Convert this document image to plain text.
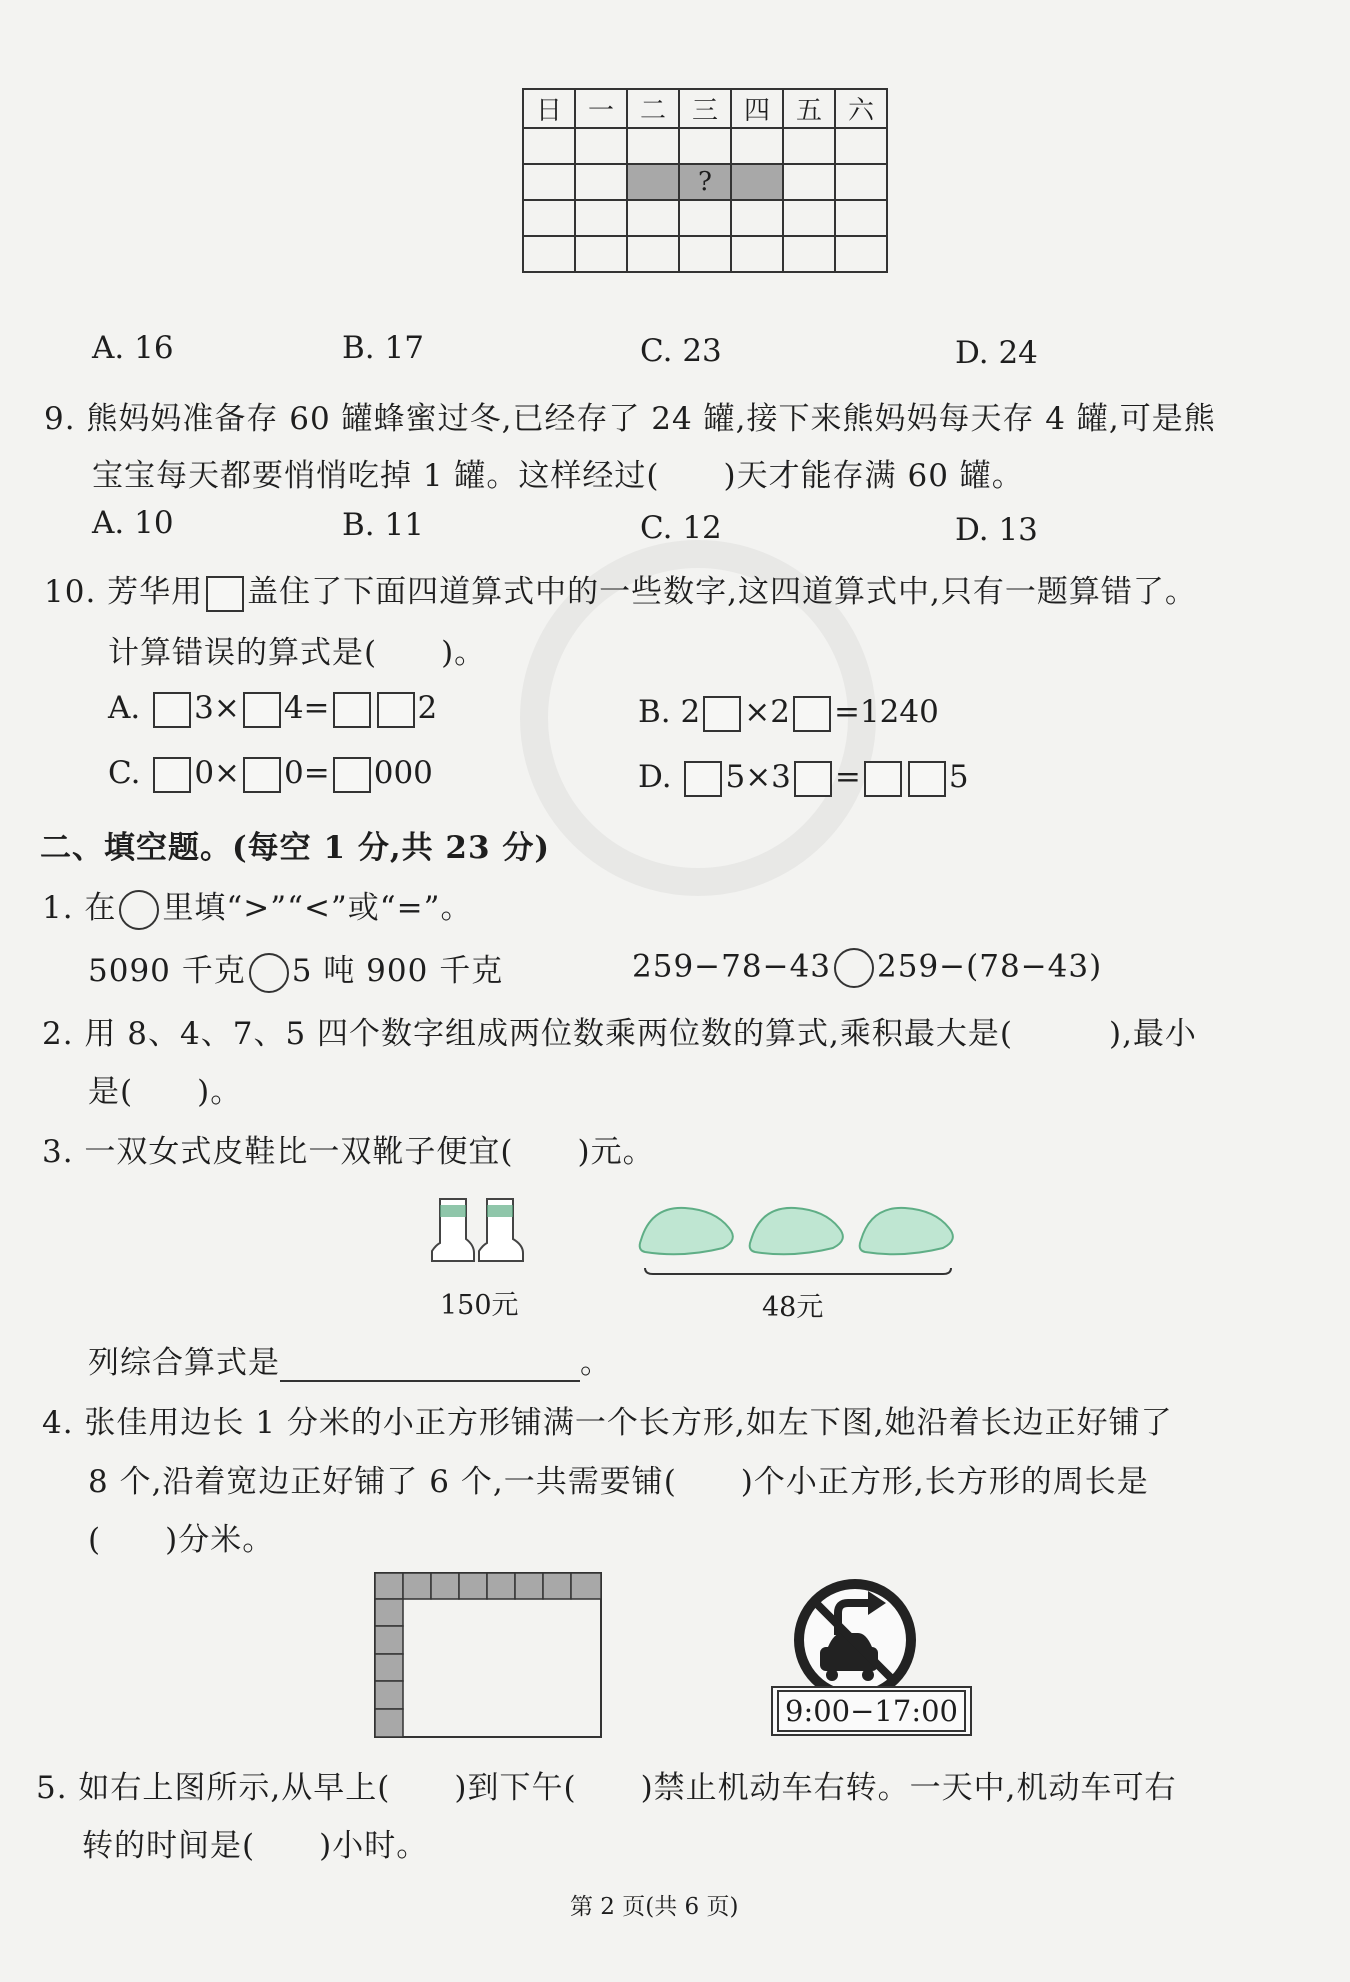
日	一	二	三	四	五	六

			?			

A. 16	B. 17	C. 23	D. 24
9. 熊妈妈准备存 60 罐蜂蜜过冬,已经存了 24 罐,接下来熊妈妈每天存 4 罐,可是熊
宝宝每天都要悄悄吃掉 1 罐。这样经过(　　)天才能存满 60 罐。
A. 10	B. 11	C. 12	D. 13
10. 芳华用 盖住了下面四道算式中的一些数字,这四道算式中,只有一题算错了。
计算错误的算式是(　　)。
A. 3× 4=	2	B. 2 ×2 =1240
C. 0× 0= 000	D. 5×3 =	5
二、填空题。(每空 1 分,共 23 分)
1. 在 里填“>”“<”或“=”。
5090 千克 5 吨 900 千克	259−78−43 259−(78−43)
2. 用 8、4、7、5 四个数字组成两位数乘两位数的算式,乘积最大是(　　　),最小
是(　　)。
3. 一双女式皮鞋比一双靴子便宜(　　)元。
150元	48元
列综合算式是	。
4. 张佳用边长 1 分米的小正方形铺满一个长方形,如左下图,她沿着长边正好铺了
8 个,沿着宽边正好铺了 6 个,一共需要铺(　　)个小正方形,长方形的周长是
(　　)分米。
9:00−17:00
5. 如右上图所示,从早上(　　)到下午(　　)禁止机动车右转。一天中,机动车可右
转的时间是(　　)小时。
第 2 页(共 6 页)
